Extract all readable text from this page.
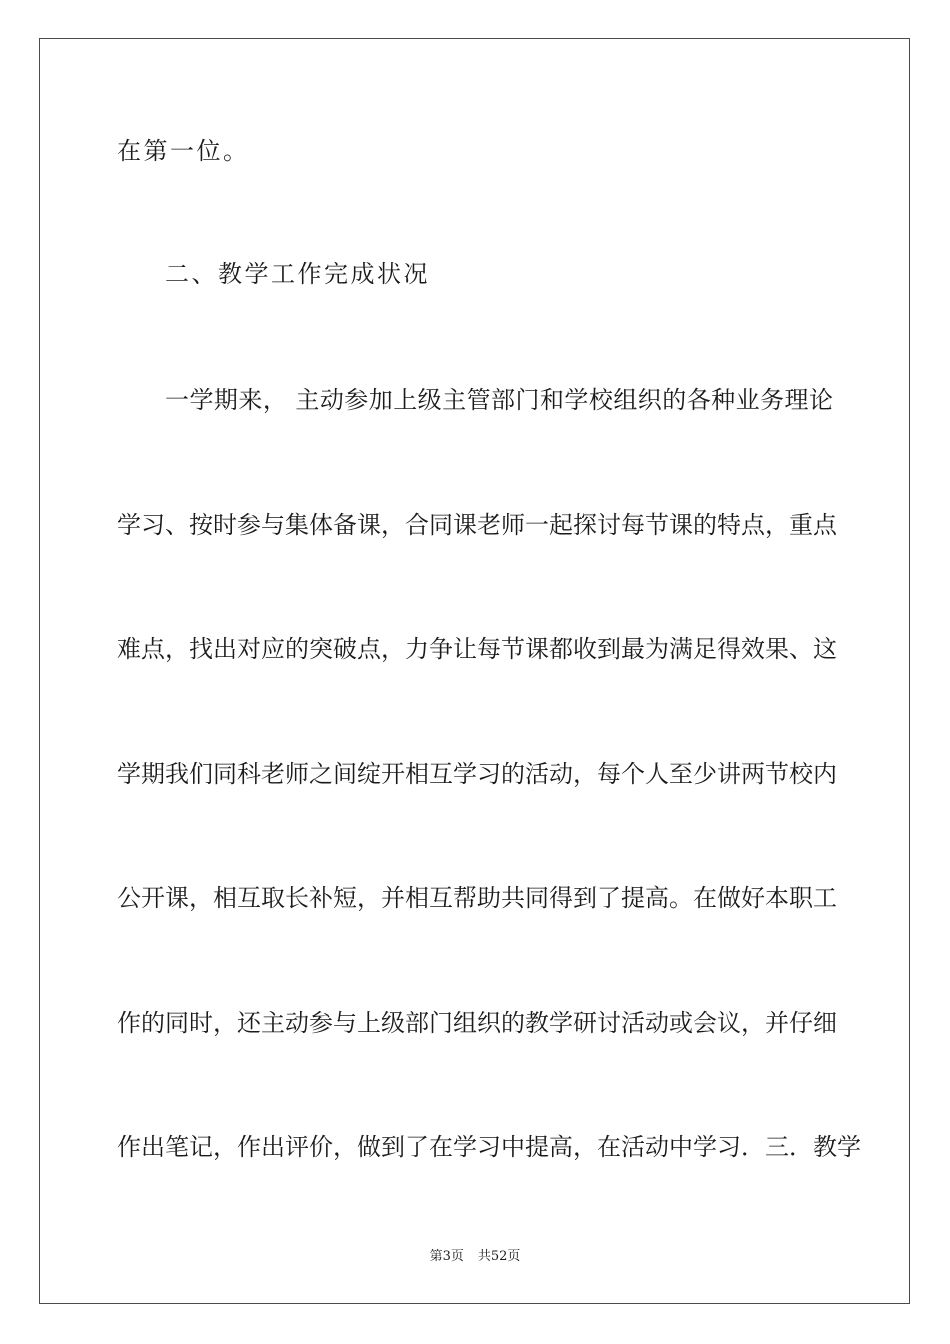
在第一位。
二、教学工作完成状况
一学期来， 主动参加上级主管部门和学校组织的各种业务理论
学习、按时参与集体备课，合同课老师一起探讨每节课的特点，重点
难点，找出对应的突破点，力争让每节课都收到最为满足得效果、这
学期我们同科老师之间绽开相互学习的活动，每个人至少讲两节校内
公开课，相互取长补短，并相互帮助共同得到了提高。在做好本职工
作的同时，还主动参与上级部门组织的教学研讨活动或会议，并仔细
作出笔记，作出评价，做到了在学习中提高，在活动中学习．三．教学
第3页 共52页
